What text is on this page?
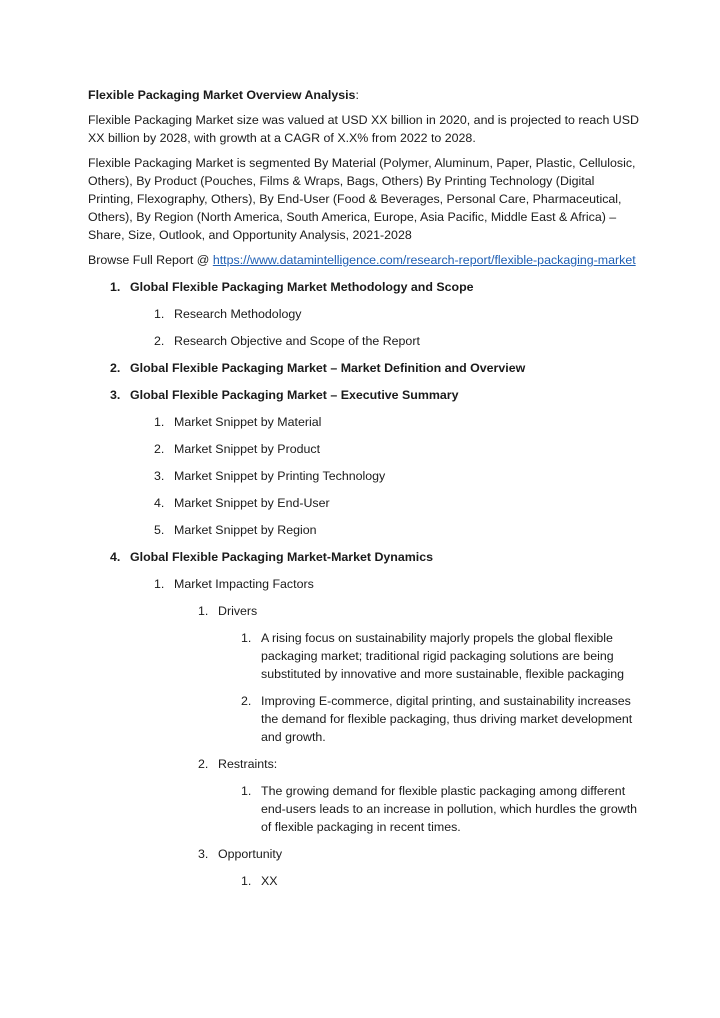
Flexible Packaging Market Overview Analysis:

Flexible Packaging Market size was valued at USD XX billion in 2020, and is projected to reach USD XX billion by 2028, with growth at a CAGR of X.X% from 2022 to 2028.

Flexible Packaging Market is segmented By Material (Polymer, Aluminum, Paper, Plastic, Cellulosic, Others), By Product (Pouches, Films & Wraps, Bags, Others) By Printing Technology (Digital Printing, Flexography, Others), By End-User (Food & Beverages, Personal Care, Pharmaceutical, Others), By Region (North America, South America, Europe, Asia Pacific, Middle East & Africa) – Share, Size, Outlook, and Opportunity Analysis, 2021-2028

Browse Full Report @ https://www.datamintelligence.com/research-report/flexible-packaging-market

1. Global Flexible Packaging Market Methodology and Scope
1. Research Methodology
2. Research Objective and Scope of the Report
2. Global Flexible Packaging Market – Market Definition and Overview
3. Global Flexible Packaging Market – Executive Summary
1. Market Snippet by Material
2. Market Snippet by Product
3. Market Snippet by Printing Technology
4. Market Snippet by End-User
5. Market Snippet by Region
4. Global Flexible Packaging Market-Market Dynamics
1. Market Impacting Factors
1. Drivers
1. A rising focus on sustainability majorly propels the global flexible packaging market; traditional rigid packaging solutions are being substituted by innovative and more sustainable, flexible packaging
2. Improving E-commerce, digital printing, and sustainability increases the demand for flexible packaging, thus driving market development and growth.
2. Restraints:
1. The growing demand for flexible plastic packaging among different end-users leads to an increase in pollution, which hurdles the growth of flexible packaging in recent times.
3. Opportunity
1. XX
